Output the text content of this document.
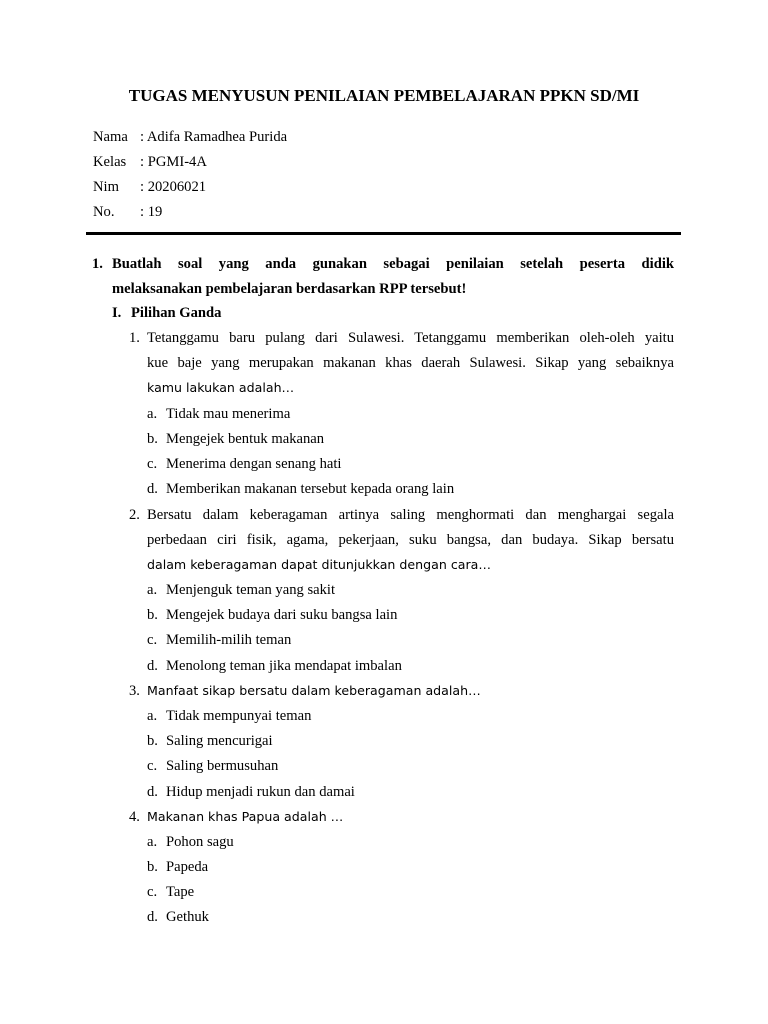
TUGAS MENYUSUN PENILAIAN PEMBELAJARAN PPKN SD/MI
Nama : Adifa Ramadhea Purida
Kelas : PGMI-4A
Nim : 20206021
No. : 19
1. Buatlah soal yang anda gunakan sebagai penilaian setelah peserta didik
melaksanakan pembelajaran berdasarkan RPP tersebut!
I. Pilihan Ganda
1. Tetanggamu baru pulang dari Sulawesi. Tetanggamu memberikan oleh-oleh yaitu
kue baje yang merupakan makanan khas daerah Sulawesi. Sikap yang sebaiknya
kamu lakukan adalah…
a. Tidak mau menerima
b. Mengejek bentuk makanan
c. Menerima dengan senang hati
d. Memberikan makanan tersebut kepada orang lain
2. Bersatu dalam keberagaman artinya saling menghormati dan menghargai segala
perbedaan ciri fisik, agama, pekerjaan, suku bangsa, dan budaya. Sikap bersatu
dalam keberagaman dapat ditunjukkan dengan cara…
a. Menjenguk teman yang sakit
b. Mengejek budaya dari suku bangsa lain
c. Memilih-milih teman
d. Menolong teman jika mendapat imbalan
3. Manfaat sikap bersatu dalam keberagaman adalah…
a. Tidak mempunyai teman
b. Saling mencurigai
c. Saling bermusuhan
d. Hidup menjadi rukun dan damai
4. Makanan khas Papua adalah …
a. Pohon sagu
b. Papeda
c. Tape
d. Gethuk
